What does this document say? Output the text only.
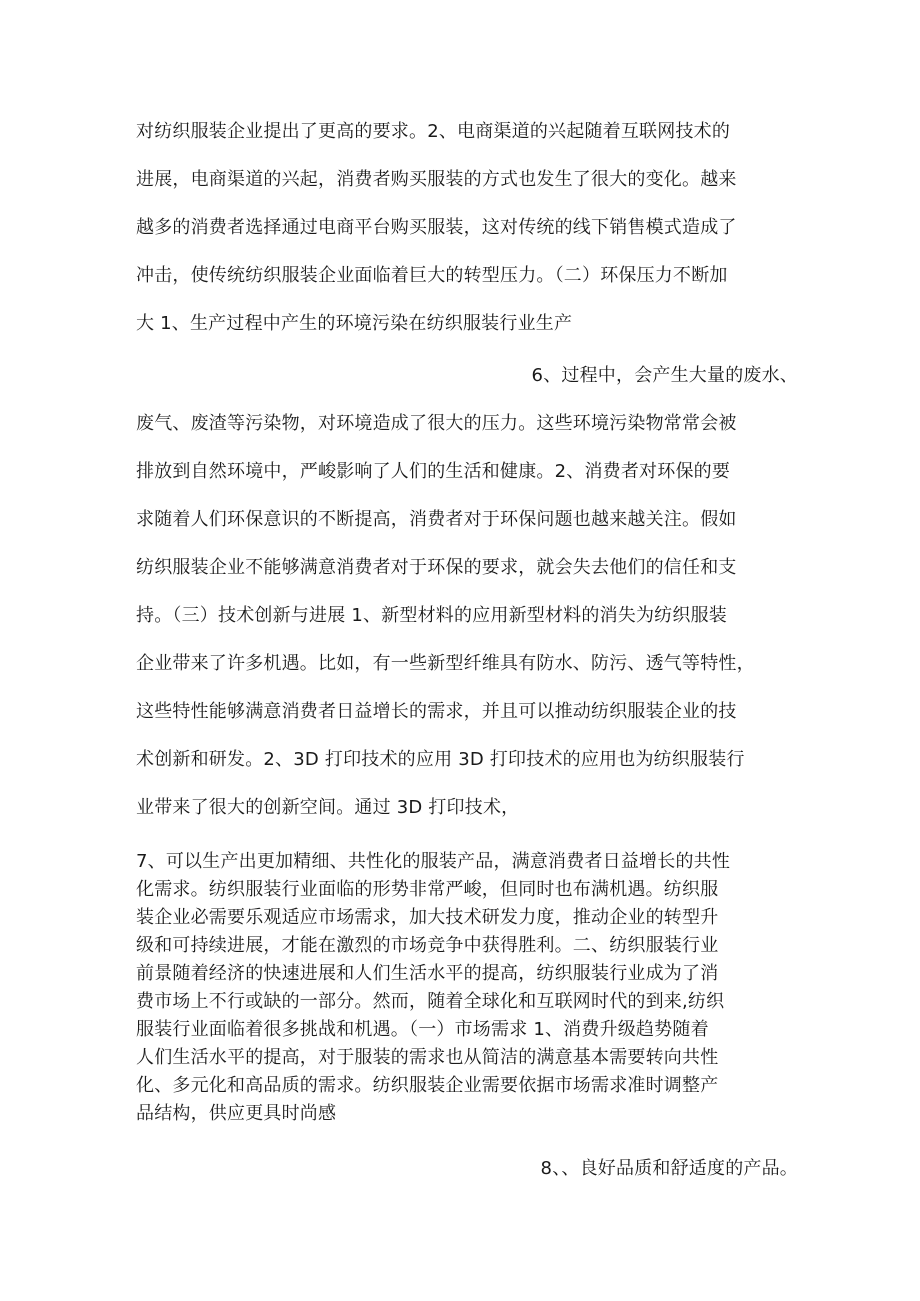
对纺织服装企业提出了更高的要求。2、电商渠道的兴起随着互联网技术的
进展，电商渠道的兴起，消费者购买服装的方式也发生了很大的变化。越来
越多的消费者选择通过电商平台购买服装，这对传统的线下销售模式造成了
冲击，使传统纺织服装企业面临着巨大的转型压力。（二）环保压力不断加
大 1、生产过程中产生的环境污染在纺织服装行业生产
6、过程中，会产生大量的废水、
废气、废渣等污染物，对环境造成了很大的压力。这些环境污染物常常会被
排放到自然环境中，严峻影响了人们的生活和健康。2、消费者对环保的要
求随着人们环保意识的不断提高，消费者对于环保问题也越来越关注。假如
纺织服装企业不能够满意消费者对于环保的要求，就会失去他们的信任和支
持。（三）技术创新与进展 1、新型材料的应用新型材料的消失为纺织服装
企业带来了许多机遇。比如，有一些新型纤维具有防水、防污、透气等特性，
这些特性能够满意消费者日益增长的需求，并且可以推动纺织服装企业的技
术创新和研发。2、3D 打印技术的应用 3D 打印技术的应用也为纺织服装行
业带来了很大的创新空间。通过 3D 打印技术，
7、可以生产出更加精细、共性化的服装产品，满意消费者日益增长的共性
化需求。纺织服装行业面临的形势非常严峻，但同时也布满机遇。纺织服
装企业必需要乐观适应市场需求，加大技术研发力度，推动企业的转型升
级和可持续进展，才能在激烈的市场竞争中获得胜利。二、纺织服装行业
前景随着经济的快速进展和人们生活水平的提高，纺织服装行业成为了消
费市场上不行或缺的一部分。然而，随着全球化和互联网时代的到来,纺织
服装行业面临着很多挑战和机遇。（一）市场需求 1、消费升级趋势随着
人们生活水平的提高，对于服装的需求也从简洁的满意基本需要转向共性
化、多元化和高品质的需求。纺织服装企业需要依据市场需求准时调整产
品结构，供应更具时尚感
8、、良好品质和舒适度的产品。
